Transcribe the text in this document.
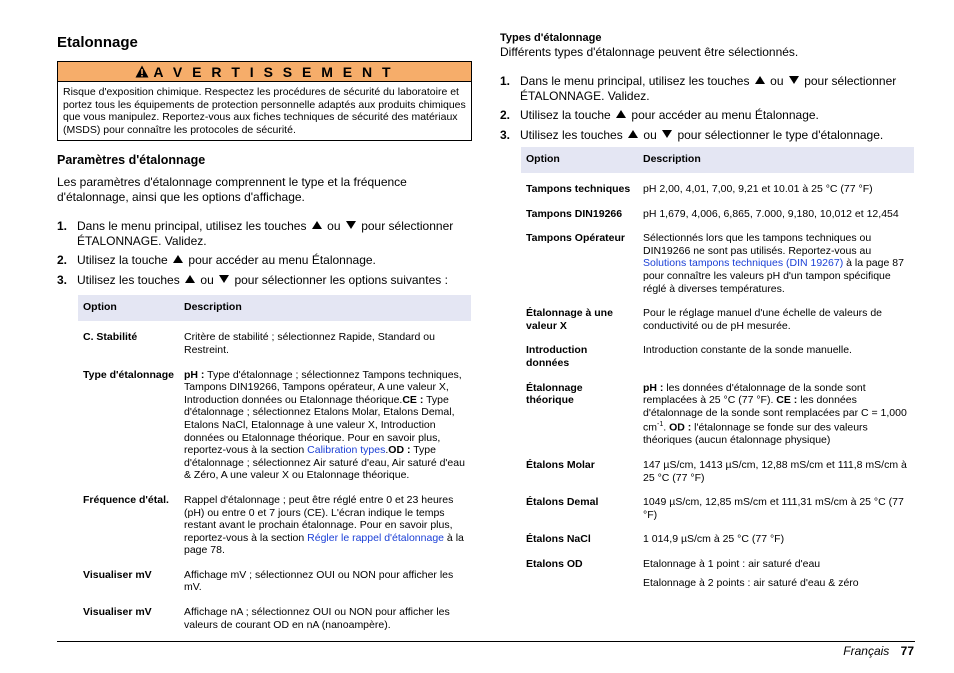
Etalonnage
A V E R T I S S E M E N T
Risque d'exposition chimique. Respectez les procédures de sécurité du laboratoire et portez tous les équipements de protection personnelle adaptés aux produits chimiques que vous manipulez. Reportez-vous aux fiches techniques de sécurité des matériaux (MSDS) pour connaître les protocoles de sécurité.
Paramètres d'étalonnage

Les paramètres d'étalonnage comprennent le type et la fréquence d'étalonnage, ainsi que les options d'affichage.

1. Dans le menu principal, utilisez les touches ou pour sélectionner ÉTALONNAGE. Validez.
2. Utilisez la touche pour accéder au menu Étalonnage.
3. Utilisez les touches ou pour sélectionner les options suivantes :
Option	Description
C. Stabilité	Critère de stabilité ; sélectionnez Rapide, Standard ou Restreint.
Type d'étalonnage	pH : Type d'étalonnage ; sélectionnez Tampons techniques, Tampons DIN19266, Tampons opérateur, A une valeur X, Introduction données ou Etalonnage théorique.CE : Type d'étalonnage ; sélectionnez Etalons Molar, Etalons Demal, Etalons NaCl, Etalonnage à une valeur X, Introduction données ou Etalonnage théorique. Pour en savoir plus, reportez-vous à la section Calibration types.OD : Type d'étalonnage ; sélectionnez Air saturé d'eau, Air saturé d'eau & Zéro, A une valeur X ou Etalonnage théorique.
Fréquence d'étal.	Rappel d'étalonnage ; peut être réglé entre 0 et 23 heures (pH) ou entre 0 et 7 jours (CE). L'écran indique le temps restant avant le prochain étalonnage. Pour en savoir plus, reportez-vous à la section Régler le rappel d'étalonnage à la page 78.
Visualiser mV	Affichage mV ; sélectionnez OUI ou NON pour afficher les mV.
Visualiser mV	Affichage nA ; sélectionnez OUI ou NON pour afficher les valeurs de courant OD en nA (nanoampère).
Types d'étalonnage

Différents types d'étalonnage peuvent être sélectionnés.

1. Dans le menu principal, utilisez les touches ou pour sélectionner ÉTALONNAGE. Validez.
2. Utilisez la touche pour accéder au menu Étalonnage.
3. Utilisez les touches ou pour sélectionner le type d'étalonnage.
Option	Description
Tampons techniques	pH 2,00, 4,01, 7,00, 9,21 et 10.01 à 25 °C (77 °F)
Tampons DIN19266	pH 1,679, 4,006, 6,865, 7.000, 9,180, 10,012 et 12,454
Tampons Opérateur	Sélectionnés lors que les tampons techniques ou DIN19266 ne sont pas utilisés. Reportez-vous au Solutions tampons techniques (DIN 19267) à la page 87 pour connaître les valeurs pH d'un tampon spécifique réglé à diverses températures.
Étalonnage à une valeur X	Pour le réglage manuel d'une échelle de valeurs de conductivité ou de pH mesurée.
Introduction données	Introduction constante de la sonde manuelle.
Étalonnage théorique	pH : les données d'étalonnage de la sonde sont remplacées à 25 °C (77 °F). CE : les données d'étalonnage de la sonde sont remplacées par C = 1,000 $cm^{-1}$. OD : l'étalonnage se fonde sur des valeurs théoriques (aucun étalonnage physique)
Étalons Molar	147 µS/cm, 1413 µS/cm, 12,88 mS/cm et 111,8 mS/cm à 25 °C (77 °F)
Étalons Demal	1049 µS/cm, 12,85 mS/cm et 111,31 mS/cm à 25 °C (77 °F)
Étalons NaCl	1 014,9 µS/cm à 25 °C (77 °F)
Etalons OD	Etalonnage à 1 point : air saturé d'eau
Etalonnage à 2 points : air saturé d'eau & zéro
Français 77
